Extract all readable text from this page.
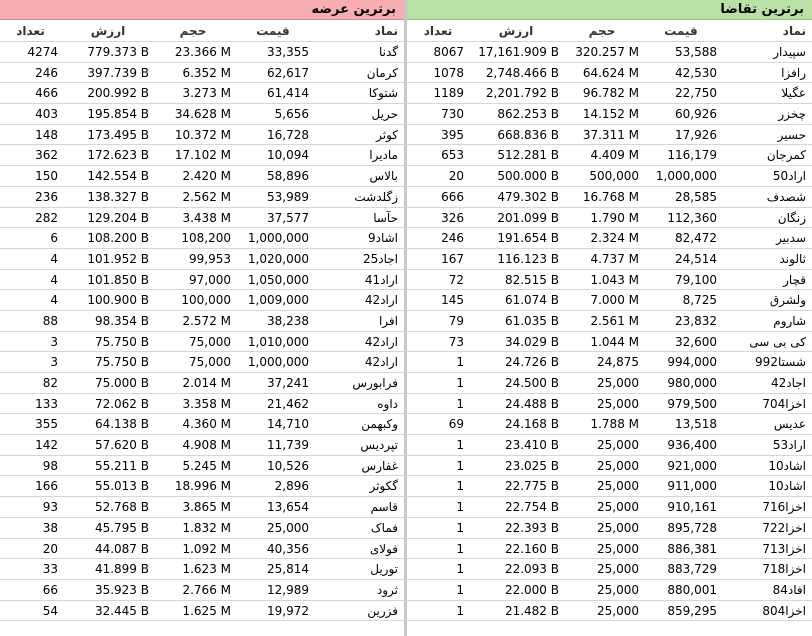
برترین عرضه
نماد
قیمت
حجم
ارزش
تعداد
گدنا
33,355
23.366 M
779.373 B
4274
کرمان
62,617
6.352 M
397.739 B
246
شتوکا
61,414
3.273 M
200.992 B
466
حریل
5,656
34.628 M
195.854 B
403
کوثر
16,728
10.372 M
173.495 B
148
مادیرا
10,094
17.102 M
172.623 B
362
بالاس
58,896
2.420 M
142.554 B
150
زگلدشت
53,989
2.562 M
138.327 B
236
حآسا
37,577
3.438 M
129.204 B
282
اشاد9
1,000,000
108,200
108.200 B
6
اجاد25
1,020,000
99,953
101.952 B
4
اراد41
1,050,000
97,000
101.850 B
4
اراد42
1,009,000
100,000
100.900 B
4
افرا
38,238
2.572 M
98.354 B
88
اراد42
1,010,000
75,000
75.750 B
3
اراد42
1,000,000
75,000
75.750 B
3
فرابورس
37,241
2.014 M
75.000 B
82
داوه
21,462
3.358 M
72.062 B
133
وکبهمن
14,710
4.360 M
64.138 B
355
تپردیس
11,739
4.908 M
57.620 B
142
غفارس
10,526
5.245 M
55.211 B
98
گکوثر
2,896
18.996 M
55.013 B
166
قاسم
13,654
3.865 M
52.768 B
93
فماک
25,000
1.832 M
45.795 B
38
فولای
40,356
1.092 M
44.087 B
20
توریل
25,814
1.623 M
41.899 B
33
ثرود
12,989
2.766 M
35.923 B
66
فزرین
19,972
1.625 M
32.445 B
54
برترین تقاضا
نماد
قیمت
حجم
ارزش
تعداد
سپیدار
53,588
320.257 M
17,161.909 B
8067
رافزا
42,530
64.624 M
2,748.466 B
1078
عگیلا
22,750
96.782 M
2,201.792 B
1189
چخزر
60,926
14.152 M
862.253 B
730
حسیر
17,926
37.311 M
668.836 B
395
کمرجان
116,179
4.409 M
512.281 B
653
اراد50
1,000,000
500,000
500.000 B
20
شصدف
28,585
16.768 M
479.302 B
666
زنگان
112,360
1.790 M
201.099 B
326
سدبیر
82,472
2.324 M
191.654 B
246
ثالوند
24,514
4.737 M
116.123 B
167
قچار
79,100
1.043 M
82.515 B
72
ولشرق
8,725
7.000 M
61.074 B
145
شاروم
23,832
2.561 M
61.035 B
79
کی بی سی
32,600
1.044 M
34.029 B
73
شستا992
994,000
24,875
24.726 B
1
اجاد42
980,000
25,000
24.500 B
1
اخزا704
979,500
25,000
24.488 B
1
عدیس
13,518
1.788 M
24.168 B
69
اراد53
936,400
25,000
23.410 B
1
اشاد10
921,000
25,000
23.025 B
1
اشاد10
911,000
25,000
22.775 B
1
اخزا716
910,161
25,000
22.754 B
1
اخزا722
895,728
25,000
22.393 B
1
اخزا713
886,381
25,000
22.160 B
1
اخزا718
883,729
25,000
22.093 B
1
افاد84
880,001
25,000
22.000 B
1
اخزا804
859,295
25,000
21.482 B
1
